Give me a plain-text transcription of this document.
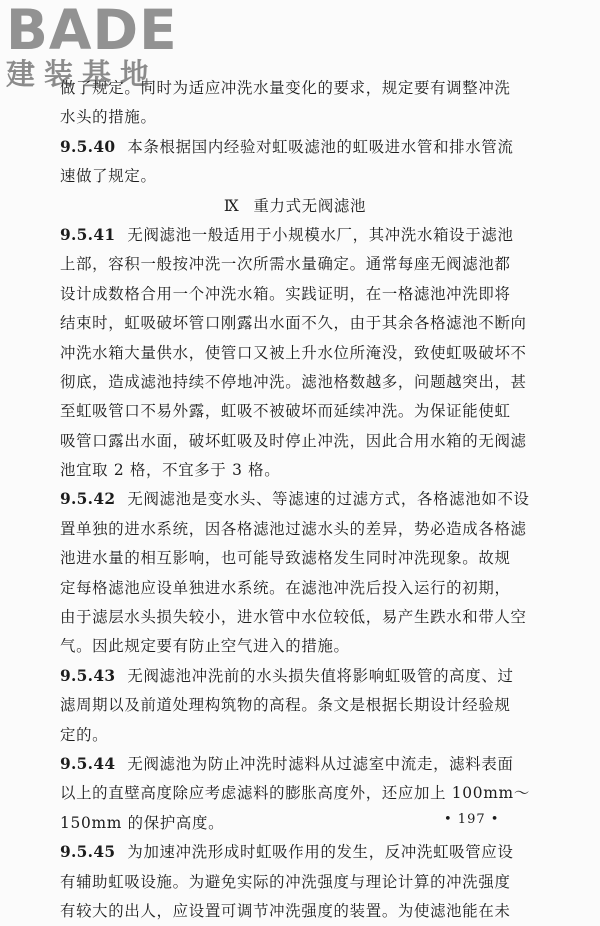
BADE
建装基地
做了规定。同时为适应冲洗水量变化的要求，规定要有调整冲洗
水头的措施。
9.5.40 本条根据国内经验对虹吸滤池的虹吸进水管和排水管流
速做了规定。
Ⅸ 重力式无阀滤池
9.5.41 无阀滤池一般适用于小规模水厂，其冲洗水箱设于滤池
上部，容积一般按冲洗一次所需水量确定。通常每座无阀滤池都
设计成数格合用一个冲洗水箱。实践证明，在一格滤池冲洗即将
结束时，虹吸破坏管口刚露出水面不久，由于其余各格滤池不断向
冲洗水箱大量供水，使管口又被上升水位所淹没，致使虹吸破坏不
彻底，造成滤池持续不停地冲洗。滤池格数越多，问题越突出，甚
至虹吸管口不易外露，虹吸不被破坏而延续冲洗。为保证能使虹
吸管口露出水面，破坏虹吸及时停止冲洗，因此合用水箱的无阀滤
池宜取 2 格，不宜多于 3 格。
9.5.42 无阀滤池是变水头、等滤速的过滤方式，各格滤池如不设
置单独的进水系统，因各格滤池过滤水头的差异，势必造成各格滤
池进水量的相互影响，也可能导致滤格发生同时冲洗现象。故规
定每格滤池应设单独进水系统。在滤池冲洗后投入运行的初期，
由于滤层水头损失较小，进水管中水位较低，易产生跌水和带人空
气。因此规定要有防止空气进入的措施。
9.5.43 无阀滤池冲洗前的水头损失值将影响虹吸管的高度、过
滤周期以及前道处理构筑物的高程。条文是根据长期设计经验规
定的。
9.5.44 无阀滤池为防止冲洗时滤料从过滤室中流走，滤料表面
以上的直壁高度除应考虑滤料的膨胀高度外，还应加上 100mm～
150mm 的保护高度。
9.5.45 为加速冲洗形成时虹吸作用的发生，反冲洗虹吸管应设
有辅助虹吸设施。为避免实际的冲洗强度与理论计算的冲洗强度
有较大的出人，应设置可调节冲洗强度的装置。为使滤池能在未
• 197 •
